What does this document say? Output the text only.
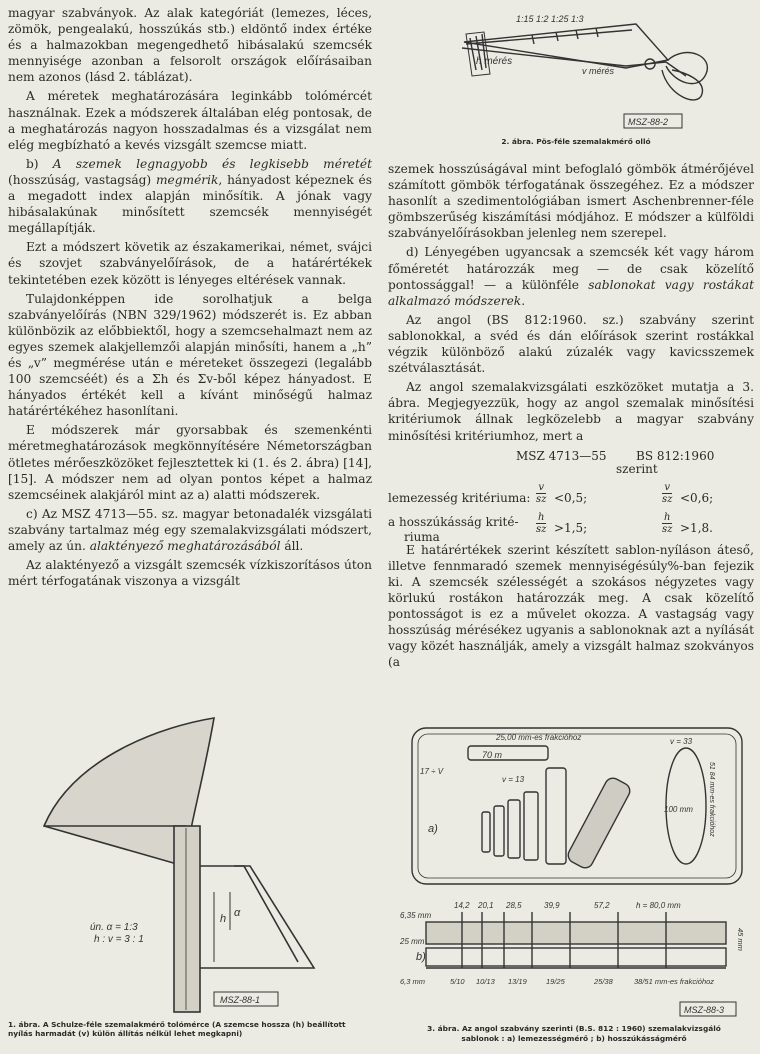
magyar szabványok. Az alak kategóriát (lemezes, léces, zömök, pengealakú, hosszúkás stb.) eldöntő index értéke és a halmazokban megengedhető hibásalakú szemcsék mennyisége azonban a felsorolt országok előírásaiban nem azonos (lásd 2. táblázat).

A méretek meghatározására leginkább tolómércét használnak. Ezek a módszerek általában elég pontosak, de a meghatározás nagyon hosszadalmas és a vizsgálat nem elég megbízható a kevés vizsgált szemcse miatt.

b) A szemek legnagyobb és legkisebb méretét (hosszúság, vastagság) megmérik, hányadost képeznek és a megadott index alapján minősítik. A jónak vagy hibásalakúnak minősített szemcsék mennyiségét megállapítják.

Ezt a módszert követik az északamerikai, német, svájci és szovjet szabványelőírások, de a határértékek tekintetében ezek között is lényeges eltérések vannak.

Tulajdonképpen ide sorolhatjuk a belga szabványelőírás (NBN 329/1962) módszerét is. Ez abban különbözik az előbbiektől, hogy a szemcsehalmazt nem az egyes szemek alakjellemzői alapján minősíti, hanem a „h” és „v” megmérése után e méreteket összegezi (legalább 100 szemcséét) és a Σh és Σv-ből képez hányadost. E hányados értékét kell a kívánt minőségű halmaz határértékéhez hasonlítani.

E módszerek már gyorsabbak és szemenkénti méretmeghatározások megkönnyítésére Németországban ötletes mérőeszközöket fejlesztettek ki (1. és 2. ábra) [14], [15]. A módszer nem ad olyan pontos képet a halmaz szemcséinek alakjáról mint az a) alatti módszerek.

c) Az MSZ 4713—55. sz. magyar betonadalék vizsgálati szabvány tartalmaz még egy szemalakvizsgálati módszert, amely az ún. alaktényező meghatározásából áll.

Az alaktényező a vizsgált szemcsék vízkiszorításos úton mért térfogatának viszonya a vizsgált

1:15 1:2 1:25 1:3
h mérés
v mérés
MSZ-88-2
2. ábra. Pös-féle szemalakmérő olló

szemek hosszúságával mint befoglaló gömbök átmérőjével számított gömbök térfogatának összegéhez. Ez a módszer hasonlít a szedimentológiában ismert Aschenbrenner-féle gömbszerűség kiszámítási módjához. E módszer a külföldi szabványelőírásokban jelenleg nem szerepel.

d) Lényegében ugyancsak a szemcsék két vagy három főméretét határozzák meg — de csak közelítő pontossággal! — a különféle sablonokat vagy rostákat alkalmazó módszerek.

Az angol (BS 812:1960. sz.) szabvány szerint sablonokkal, a svéd és dán előírások szerint rostákkal végzik különböző alakú zúzalék vagy kavicsszemek szétválasztását.

Az angol szemalakvizsgálati eszközöket mutatja a 3. ábra. Megjegyezzük, hogy az angol szemalak minősítési kritériumok állnak legközelebb a magyar szabvány minősítési kritériumhoz, mert a

MSZ 4713—55 BS 812:1960
szerint
lemezesség kritériuma: $\frac{v}{sz} <0,5$;	$\frac{v}{sz} <0,6$;
a hosszúkásság krité-
riuma
$\frac{h}{sz} >1,5$;	$\frac{h}{sz} >1,8$.

E határértékek szerint készített sablon-nyíláson áteső, illetve fennmaradó szemek mennyiségésúly%-ban fejezik ki. A szemcsék szélességét a szokásos négyzetes vagy körlukú rostákon határozzák meg. A csak közelítő pontosságot is ez a művelet okozza. A vastagság vagy hosszúság mérésékez ugyanis a sablonoknak azt a nyílását vagy közét használják, amely a vizsgált halmaz szokványos (a

ún. α = 1:3
h : v = 3 : 1
h α
MSZ-88-1
1. ábra. A Schulze-féle szemalakmérő tolómérce (A szemcse hossza (h) beállított nyílás harmadát (v) külön állítás nélkül lehet megkapni)
25,00 mm-es frakcióhoz
17 ÷ V
70 m
v = 13
v = 33
100 mm 51 84 mm-es frakcióhoz
a)
b)
6,35 mm
25 mm
14,2 20,1 28,5	39,9	57,2	h = 80,0 mm
6,3 mm	5/10 10/13 13/19	19/25	25/38	38/51 mm-es frakcióhoz
45 mm
MSZ-88-3
3. ábra. Az angol szabvány szerinti (B.S. 812 : 1960) szemalakvizsgáló
sablonok : a) lemezességmérő ; b) hosszúkásságmérő
